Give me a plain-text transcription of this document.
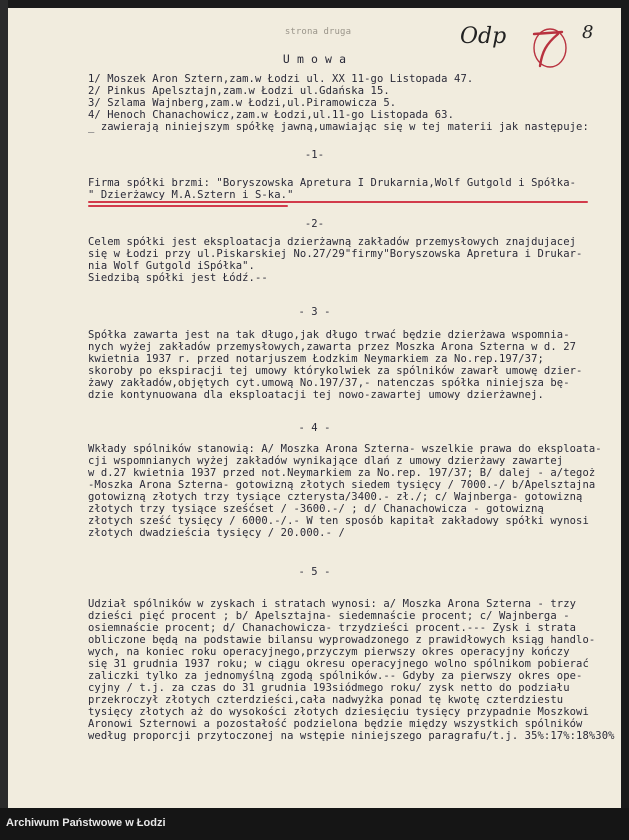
strona druga	Odp	8
U m o w a
1/ Moszek Aron Sztern,zam.w Łodzi ul. XX 11-go Listopada 47.
2/ Pinkus Apelsztajn,zam.w Łodzi ul.Gdańska 15.
3/ Szlama Wajnberg,zam.w Łodzi,ul.Piramowicza 5.
4/ Henoch Chanachowicz,zam.w Łodzi,ul.11-go Listopada 63.
_ zawierają niniejszym spółkę jawną,umawiając się w tej materii jak następuje:
-1-
Firma spółki brzmi: "Boryszowska Apretura I Drukarnia,Wolf Gutgold i Spółka-
" Dzierżawcy M.A.Sztern i S-ka."
-2-
Celem spółki jest eksploatacja dzierżawną zakładów przemysłowych znajdujacej
się w Łodzi przy ul.Piskarskiej No.27/29"firmy"Boryszowska Apretura i Drukar-
nia Wolf Gutgold iSpółka".
Siedzibą spółki jest Łódź.--
- 3 -
Spółka zawarta jest na tak długo,jak długo trwać będzie dzierżawa wspomnia-
nych wyżej zakładów przemysłowych,zawarta przez Moszka Arona Szterna w d. 27
kwietnia 1937 r. przed notarjuszem Łodzkim Neymarkiem za No.rep.197/37;
skoroby po ekspiracji tej umowy którykolwiek za spólników zawarł umowę dzier-
żawy zakładów,objętych cyt.umową No.197/37,- natenczas spółka niniejsza bę-
dzie kontynuowana dla eksploatacji tej nowo-zawartej umowy dzierżawnej.
- 4 -
Wkłady spólników stanowią: A/ Moszka Arona Szterna- wszelkie prawa do eksploata-
cji wspomnianych wyżej zakładów wynikające dlań z umowy dzierżawy zawartej
w d.27 kwietnia 1937 przed not.Neymarkiem za No.rep. 197/37; B/ dalej - a/tegoż
-Moszka Arona Szterna- gotowizną złotych siedem tysięcy / 7000.-/ b/Apelsztajna
gotowizną złotych trzy tysiące czterysta/3400.- zł./; c/ Wajnberga- gotowizną
złotych trzy tysiące sześćset / -3600.-/ ; d/ Chanachowicza - gotowizną
złotych sześć tysięcy / 6000.-/.- W ten sposób kapitał zakładowy spółki wynosi
złotych dwadzieścia tysięcy / 20.000.- /
- 5 -
Udział spólników w zyskach i stratach wynosi: a/ Moszka Arona Szterna - trzy
dzieści pięć procent ; b/ Apelsztajna- siedemnaście procent; c/ Wajnberga -
osiemnaście procent; d/ Chanachowicza- trzydzieści procent.--- Zysk i strata
obliczone będą na podstawie bilansu wyprowadzonego z prawidłowych ksiąg handlo-
wych, na koniec roku operacyjnego,przyczym pierwszy okres operacyjny kończy
się 31 grudnia 1937 roku; w ciągu okresu operacyjnego wolno spólnikom pobierać
zaliczki tylko za jednomyślną zgodą spólników.-- Gdyby za pierwszy okres ope-
cyjny / t.j. za czas do 31 grudnia 193siódmego roku/ zysk netto do podziału
przekroczył złotych czterdzieści,cała nadwyżka ponad tę kwotę czterdziestu
tysięcy złotych aż do wysokości złotych dziesięciu tysięcy przypadnie Moszkowi
Aronowi Szternowi a pozostałość podzielona będzie między wszystkich spólników
według proporcji przytoczonej na wstępie niniejszego paragrafu/t.j. 35%:17%:18%30%
Archiwum Państwowe w Łodzi
